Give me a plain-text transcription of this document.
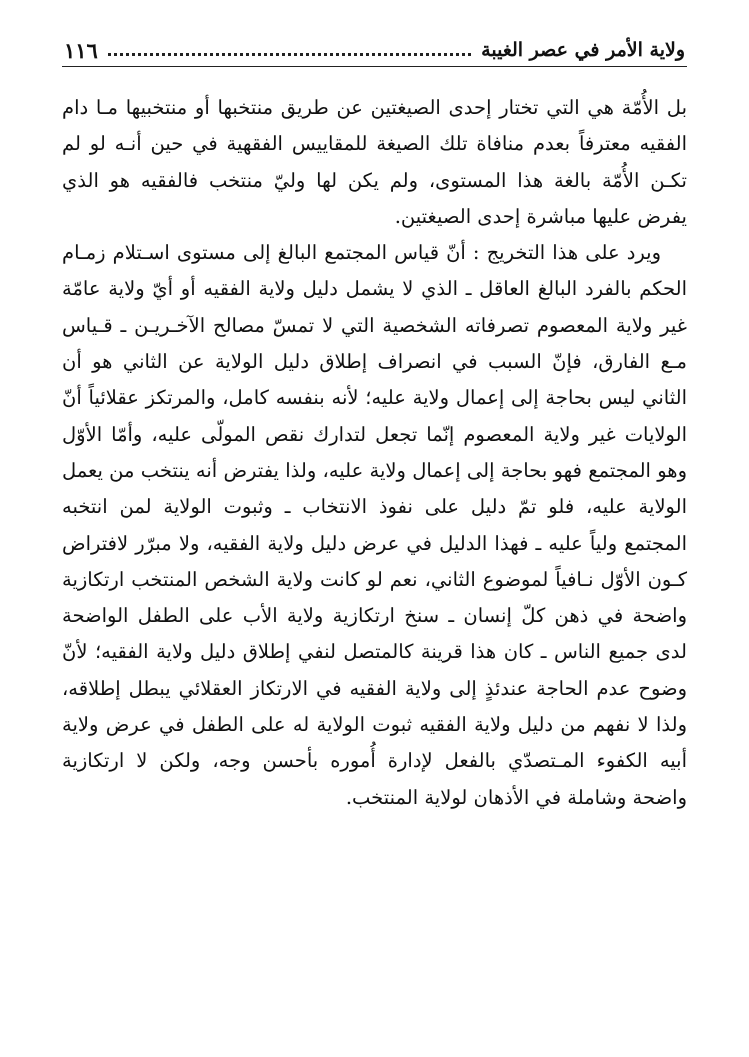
ولاية الأمر في عصر الغيبة
١١٦

بل الأُمّة هي التي تختار إحدى الصيغتين عن طريق منتخبها أو منتخبيها مـا دام الفقيه معترفاً بعدم منافاة تلك الصيغة للمقاييس الفقهية في حين أنـه لو لم تكـن الأُمّة بالغة هذا المستوى، ولم يكن لها وليّ منتخب فالفقيه هو الذي يفرض عليها مباشرة إحدى الصيغتين.

ويرد على هذا التخريج : أنّ قياس المجتمع البالغ إلى مستوى اسـتلام زمـام الحكم بالفرد البالغ العاقل ـ الذي لا يشمل دليل ولاية الفقيه أو أيّ ولاية عامّة غير ولاية المعصوم تصرفاته الشخصية التي لا تمسّ مصالح الآخـريـن ـ قـياس مـع الفارق، فإنّ السبب في انصراف إطلاق دليل الولاية عن الثاني هو أن الثاني ليس بحاجة إلى إعمال ولاية عليه؛ لأنه بنفسه كامل، والمرتكز عقلائياً أنّ الولايات غير ولاية المعصوم إنّما تجعل لتدارك نقص المولّى عليه، وأمّا الأوّل وهو المجتمع فهو بحاجة إلى إعمال ولاية عليه، ولذا يفترض أنه ينتخب من يعمل الولاية عليه، فلو تمّ دليل على نفوذ الانتخاب ـ وثبوت الولاية لمن انتخبه المجتمع ولياً عليه ـ فهذا الدليل في عرض دليل ولاية الفقيه، ولا مبرّر لافتراض كـون الأوّل نـافياً لموضوع الثاني، نعم لو كانت ولاية الشخص المنتخب ارتكازية واضحة في ذهن كلّ إنسان ـ سنخ ارتكازية ولاية الأب على الطفل الواضحة لدى جميع الناس ـ كان هذا قرينة كالمتصل لنفي إطلاق دليل ولاية الفقيه؛ لأنّ وضوح عدم الحاجة عندئذٍ إلى ولاية الفقيه في الارتكاز العقلائي يبطل إطلاقه، ولذا لا نفهم من دليل ولاية الفقيه ثبوت الولاية له على الطفل في عرض ولاية أبيه الكفوء المـتصدّي بالفعل لإدارة أُموره بأحسن وجه، ولكن لا ارتكازية واضحة وشاملة في الأذهان لولاية المنتخب.
